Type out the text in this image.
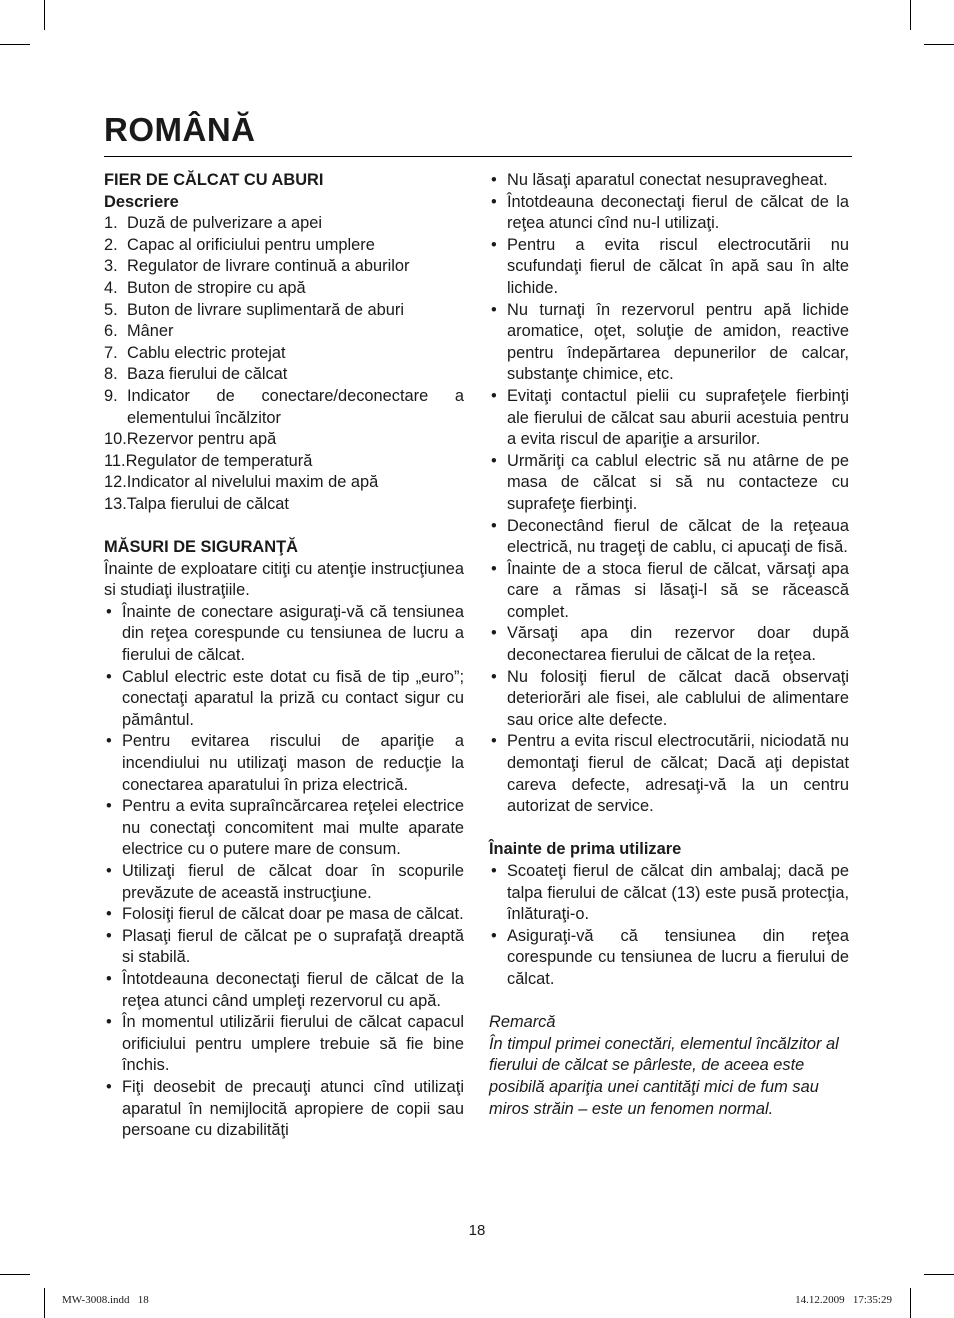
ROMÂNĂ
FIER DE CĂLCAT CU ABURI
Descriere
1. Duză de pulverizare a apei
2. Capac al orificiului pentru umplere
3. Regulator de livrare continuă a aburilor
4. Buton de stropire cu apă
5. Buton de livrare suplimentară de aburi
6. Mâner
7. Cablu electric protejat
8. Baza fierului de călcat
9. Indicator de conectare/deconectare a elementului încălzitor
10.Rezervor pentru apă
11.Regulator de temperatură
12.Indicator al nivelului maxim de apă
13.Talpa fierului de călcat
MĂSURI DE SIGURANŢĂ
Înainte de exploatare citiţi cu atenţie instrucţiunea si studiaţi ilustraţiile.
• Înainte de conectare asiguraţi-vă că tensiunea din reţea corespunde cu tensiunea de lucru a fierului de călcat.
• Cablul electric este dotat cu fisă de tip „euro”; conectaţi aparatul la priză cu contact sigur cu pământul.
• Pentru evitarea riscului de apariţie a incendiului nu utilizaţi mason de reducţie la conectarea aparatului în priza electrică.
• Pentru a evita supraîncărcarea reţelei electrice nu conectaţi concomitent mai multe aparate electrice cu o putere mare de consum.
• Utilizaţi fierul de călcat doar în scopurile prevăzute de această instrucţiune.
• Folosiţi fierul de călcat doar pe masa de călcat.
• Plasaţi fierul de călcat pe o suprafaţă dreaptă si stabilă.
• Întotdeauna deconectaţi fierul de călcat de la reţea atunci când umpleţi rezervorul cu apă.
• În momentul utilizării fierului de călcat capacul orificiului pentru umplere trebuie să fie bine închis.
• Fiţi deosebit de precauţi atunci cînd utilizaţi aparatul în nemijlocită apropiere de copii sau persoane cu dizabilităţi
• Nu lăsaţi aparatul conectat nesupravegheat.
• Întotdeauna deconectaţi fierul de călcat de la reţea atunci cînd nu-l utilizaţi.
• Pentru a evita riscul electrocutării nu scufundaţi fierul de călcat în apă sau în alte lichide.
• Nu turnaţi în rezervorul pentru apă lichide aromatice, oţet, soluţie de amidon, reactive pentru îndepărtarea depunerilor de calcar, substanţe chimice, etc.
• Evitaţi contactul pielii cu suprafeţele fierbinţi ale fierului de călcat sau aburii acestuia pentru a evita riscul de apariţie a arsurilor.
• Urmăriţi ca cablul electric să nu atârne de pe masa de călcat si să nu contacteze cu suprafeţe fierbinţi.
• Deconectând fierul de călcat de la reţeaua electrică, nu trageţi de cablu, ci apucaţi de fisă.
• Înainte de a stoca fierul de călcat, vărsaţi apa care a rămas si lăsaţi-l să se răcească complet.
• Vărsaţi apa din rezervor doar după deconectarea fierului de călcat de la reţea.
• Nu folosiţi fierul de călcat dacă observaţi deteriorări ale fisei, ale cablului de alimentare sau orice alte defecte.
• Pentru a evita riscul electrocutării, niciodată nu demontaţi fierul de călcat; Dacă aţi depistat careva defecte, adresaţi-vă la un centru autorizat de service.
Înainte de prima utilizare
• Scoateţi fierul de călcat din ambalaj; dacă pe talpa fierului de călcat (13) este pusă protecţia, înlăturaţi-o.
• Asiguraţi-vă că tensiunea din reţea corespunde cu tensiunea de lucru a fierului de călcat.
Remarcă
În timpul primei conectări, elementul încălzitor al fierului de călcat se pârleste, de aceea este posibilă apariţia unei cantităţi mici de fum sau miros străin – este un fenomen normal.
18
MW-3008.indd   18	14.12.2009   17:35:29
